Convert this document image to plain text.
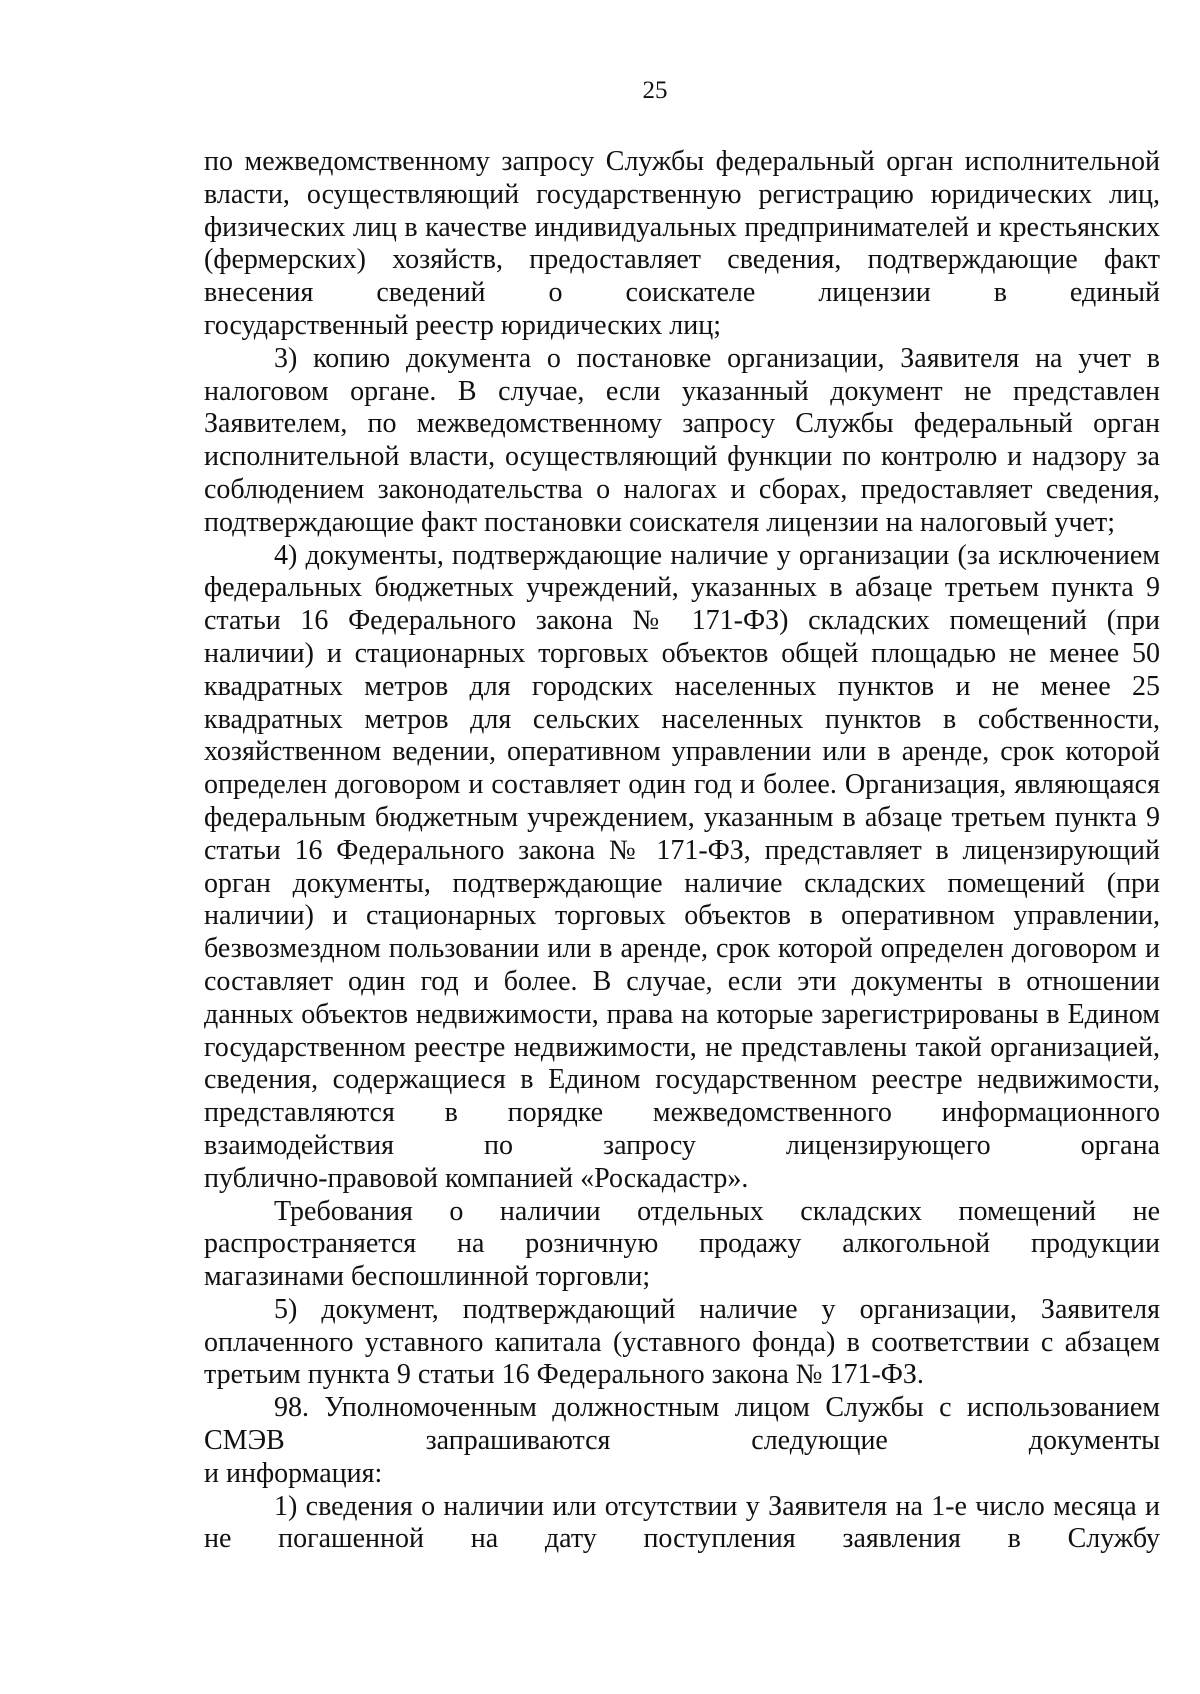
25

по межведомственному запросу Службы федеральный орган исполнительной власти, осуществляющий государственную регистрацию юридических лиц, физических лиц в качестве индивидуальных предпринимателей и крестьянских (фермерских) хозяйств, предоставляет сведения, подтверждающие факт внесения сведений о соискателе лицензии в единый
государственный реестр юридических лиц;

3) копию документа о постановке организации, Заявителя на учет в налоговом органе. В случае, если указанный документ не представлен Заявителем, по межведомственному запросу Службы федеральный орган исполнительной власти, осуществляющий функции по контролю и надзору за соблюдением законодательства о налогах и сборах, предоставляет сведения,
подтверждающие факт постановки соискателя лицензии на налоговый учет;

4) документы, подтверждающие наличие у организации (за исключением федеральных бюджетных учреждений, указанных в абзаце третьем пункта 9 статьи 16 Федерального закона № 171-ФЗ) складских помещений (при наличии) и стационарных торговых объектов общей площадью не менее 50 квадратных метров для городских населенных пунктов и не менее 25 квадратных метров для сельских населенных пунктов в собственности, хозяйственном ведении, оперативном управлении или в аренде, срок которой определен договором и составляет один год и более. Организация, являющаяся федеральным бюджетным учреждением, указанным в абзаце третьем пункта 9 статьи 16 Федерального закона № 171-ФЗ, представляет в лицензирующий орган документы, подтверждающие наличие складских помещений (при наличии) и стационарных торговых объектов в оперативном управлении, безвозмездном пользовании или в аренде, срок которой определен договором и составляет один год и более. В случае, если эти документы в отношении данных объектов недвижимости, права на которые зарегистрированы в Едином государственном реестре недвижимости, не представлены такой организацией, сведения, содержащиеся в Едином государственном реестре недвижимости, представляются в порядке межведомственного информационного взаимодействия по запросу лицензирующего органа
публично-правовой компанией «Роскадастр».

Требования о наличии отдельных складских помещений не распространяется на розничную продажу алкогольной продукции
магазинами беспошлинной торговли;

5) документ, подтверждающий наличие у организации, Заявителя оплаченного уставного капитала (уставного фонда) в соответствии с абзацем
третьим пункта 9 статьи 16 Федерального закона № 171-ФЗ.

98. Уполномоченным должностным лицом Службы с использованием СМЭВ запрашиваются следующие документы
и информация:

1) сведения о наличии или отсутствии у Заявителя на 1-е число месяца и не погашенной на дату поступления заявления в Службу
